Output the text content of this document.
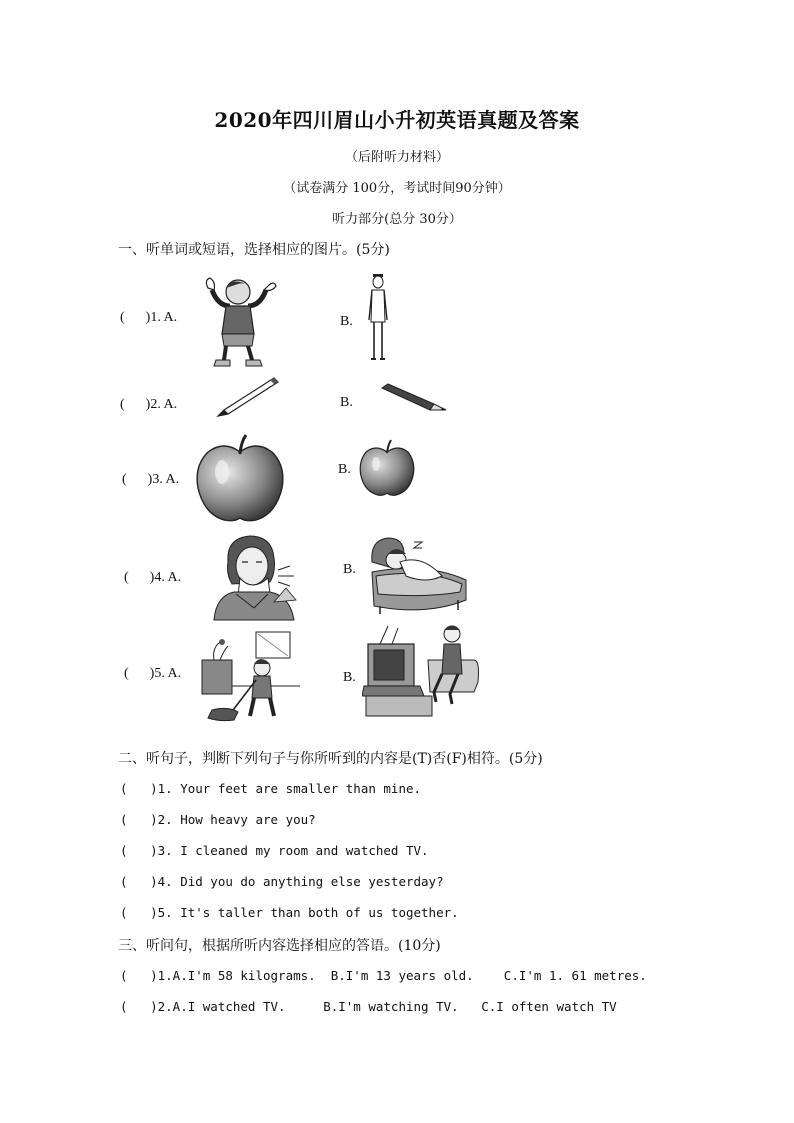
2020年四川眉山小升初英语真题及答案
（后附听力材料）
（试卷满分 100分，考试时间90分钟）
听力部分(总分 30分）
一、听单词或短语，选择相应的图片。(5分)
(      )1. A.	B.
(      )2. A.	B.
(      )3. A.
B.
(      )4. A.
B.
(      )5. A.	B.
二、听句子，判断下列句子与你所听到的内容是(T)否(F)相符。(5分)
(   )1. Your feet are smaller than mine.
(   )2. How heavy are you?
(   )3. I cleaned my room and watched TV.
(   )4. Did you do anything else yesterday?
(   )5. It's taller than both of us together.
三、听问句，根据所听内容选择相应的答语。(10分)
(   )1.A.I'm 58 kilograms.  B.I'm 13 years old.    C.I'm 1. 61 metres.
(   )2.A.I watched TV.     B.I'm watching TV.   C.I often watch TV
